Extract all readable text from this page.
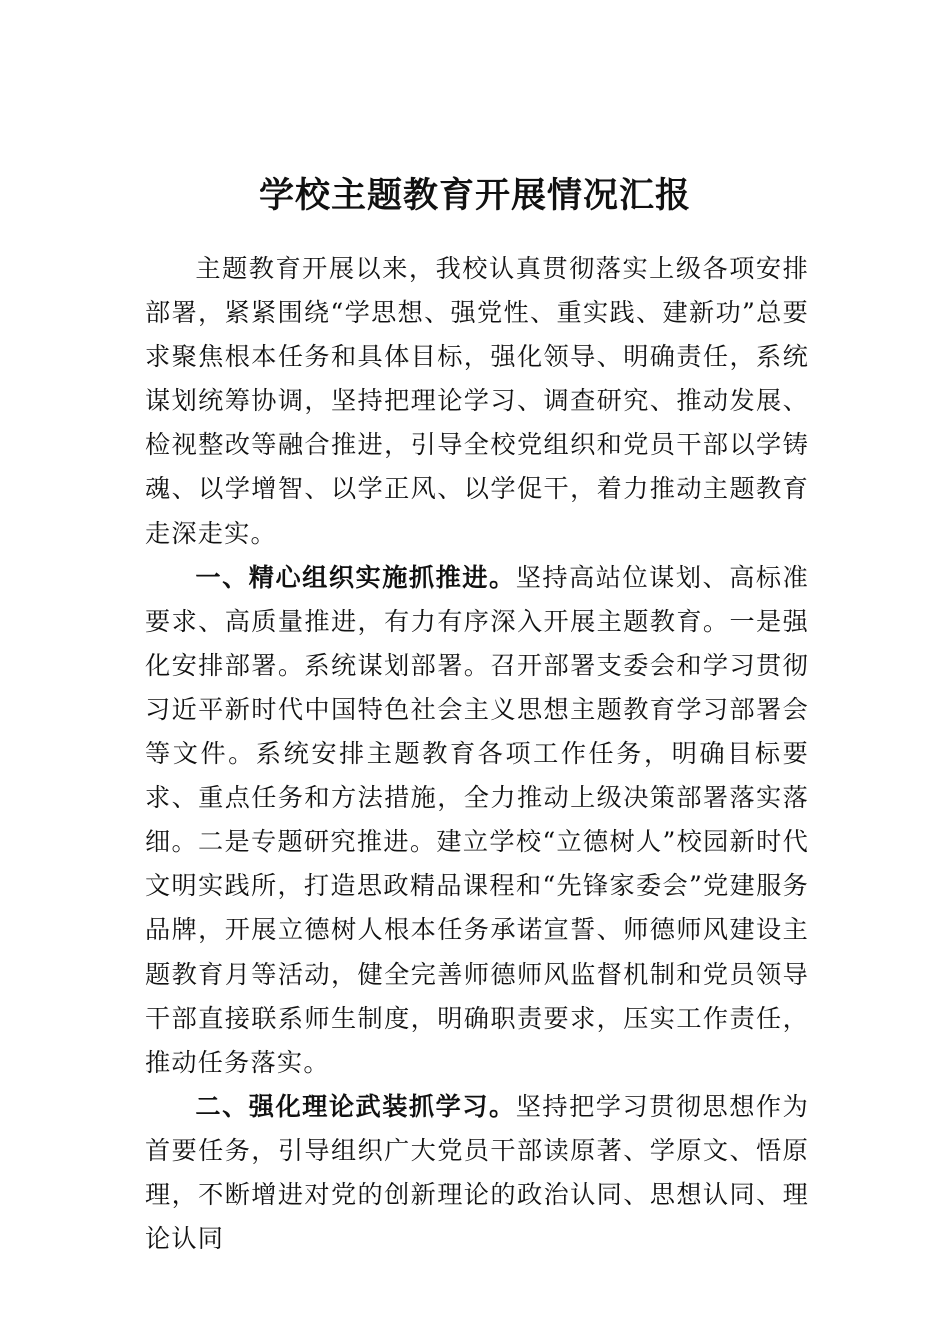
学校主题教育开展情况汇报

主题教育开展以来，我校认真贯彻落实上级各项安排部署，紧紧围绕“学思想、强党性、重实践、建新功”总要求聚焦根本任务和具体目标，强化领导、明确责任，系统谋划统筹协调，坚持把理论学习、调查研究、推动发展、检视整改等融合推进，引导全校党组织和党员干部以学铸魂、以学增智、以学正风、以学促干，着力推动主题教育走深走实。

一、精心组织实施抓推进。坚持高站位谋划、高标准要求、高质量推进，有力有序深入开展主题教育。一是强化安排部署。系统谋划部署。召开部署支委会和学习贯彻习近平新时代中国特色社会主义思想主题教育学习部署会等文件。系统安排主题教育各项工作任务，明确目标要求、重点任务和方法措施，全力推动上级决策部署落实落细。二是专题研究推进。建立学校“立德树人”校园新时代文明实践所，打造思政精品课程和“先锋家委会”党建服务品牌，开展立德树人根本任务承诺宣誓、师德师风建设主题教育月等活动，健全完善师德师风监督机制和党员领导干部直接联系师生制度，明确职责要求，压实工作责任，推动任务落实。

二、强化理论武装抓学习。坚持把学习贯彻思想作为首要任务，引导组织广大党员干部读原著、学原文、悟原理，不断增进对党的创新理论的政治认同、思想认同、理论认同
